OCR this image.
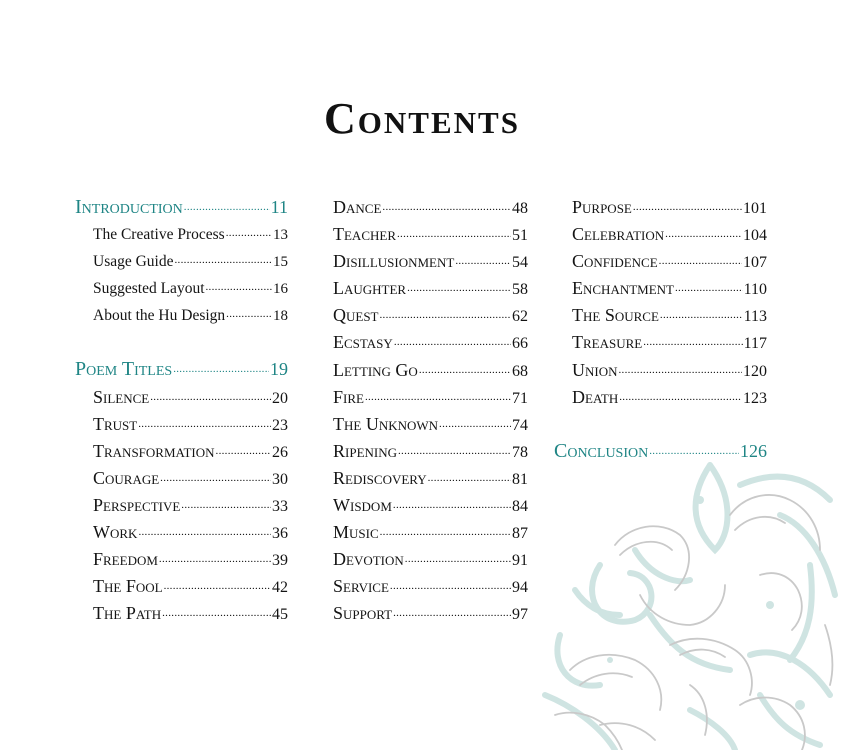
Contents
Introduction .....	11
The Creative Process .....	13
Usage Guide .....	15
Suggested Layout .....	16
About the Hu Design .....	18
Poem Titles .....	19
Silence .....	20
Trust .....	23
Transformation .....	26
Courage .....	30
Perspective .....	33
Work .....	36
Freedom .....	39
The Fool .....	42
The Path .....	45
Dance .....	48
Teacher .....	51
Disillusionment .....	54
Laughter .....	58
Quest .....	62
Ecstasy .....	66
Letting Go .....	68
Fire .....	71
The Unknown .....	74
Ripening .....	78
Rediscovery .....	81
Wisdom .....	84
Music .....	87
Devotion .....	91
Service .....	94
Support .....	97
Purpose .....	101
Celebration .....	104
Confidence .....	107
Enchantment .....	110
The Source .....	113
Treasure .....	117
Union .....	120
Death .....	123
Conclusion .....	126
